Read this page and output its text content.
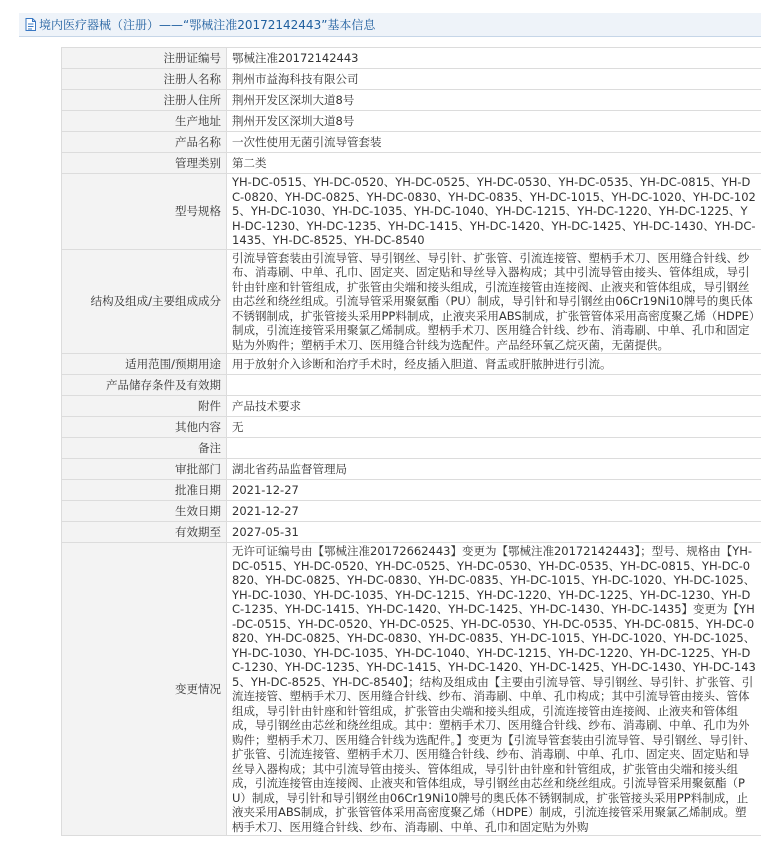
境内医疗器械（注册）——“鄂械注准20172142443”基本信息
注册证编号	鄂械注准20172142443
注册人名称	荆州市益海科技有限公司
注册人住所	荆州开发区深圳大道8号
生产地址	荆州开发区深圳大道8号
产品名称	一次性使用无菌引流导管套装
管理类别	第二类
型号规格	YH-DC-0515、YH-DC-0520、YH-DC-0525、YH-DC-0530、YH-DC-0535、YH-DC-0815、YH-DC-0820、YH-DC-0825、YH-DC-0830、YH-DC-0835、YH-DC-1015、YH-DC-1020、YH-DC-1025、YH-DC-1030、YH-DC-1035、YH-DC-1040、YH-DC-1215、YH-DC-1220、YH-DC-1225、YH-DC-1230、YH-DC-1235、YH-DC-1415、YH-DC-1420、YH-DC-1425、YH-DC-1430、YH-DC-1435、YH-DC-8525、YH-DC-8540
结构及组成/主要组成成分	引流导管套装由引流导管、导引钢丝、导引针、扩张管、引流连接管、塑柄手术刀、医用缝合针线、纱布、消毒刷、中单、孔巾、固定夹、固定贴和导丝导入器构成；其中引流导管由接头、管体组成，导引针由针座和针管组成，扩张管由尖端和接头组成，引流连接管由连接阀、止液夹和管体组成，导引钢丝由芯丝和绕丝组成。引流导管采用聚氨酯（PU）制成，导引针和导引钢丝由06Cr19Ni10牌号的奥氏体不锈钢制成，扩张管接头采用PP料制成，止液夹采用ABS制成，扩张管管体采用高密度聚乙烯（HDPE）制成，引流连接管采用聚氯乙烯制成。塑柄手术刀、医用缝合针线、纱布、消毒刷、中单、孔巾和固定贴为外购件；塑柄手术刀、医用缝合针线为选配件。产品经环氧乙烷灭菌，无菌提供。
适用范围/预期用途	用于放射介入诊断和治疗手术时，经皮插入胆道、肾盂或肝脓肿进行引流。
产品储存条件及有效期	
附件	产品技术要求
其他内容	无
备注	
审批部门	湖北省药品监督管理局
批准日期	2021-12-27
生效日期	2021-12-27
有效期至	2027-05-31
变更情况	无许可证编号由【鄂械注准20172662443】变更为【鄂械注准20172142443】；型号、规格由【YH-DC-0515、YH-DC-0520、YH-DC-0525、YH-DC-0530、YH-DC-0535、YH-DC-0815、YH-DC-0820、YH-DC-0825、YH-DC-0830、YH-DC-0835、YH-DC-1015、YH-DC-1020、YH-DC-1025、YH-DC-1030、YH-DC-1035、YH-DC-1215、YH-DC-1220、YH-DC-1225、YH-DC-1230、YH-DC-1235、YH-DC-1415、YH-DC-1420、YH-DC-1425、YH-DC-1430、YH-DC-1435】变更为【YH-DC-0515、YH-DC-0520、YH-DC-0525、YH-DC-0530、YH-DC-0535、YH-DC-0815、YH-DC-0820、YH-DC-0825、YH-DC-0830、YH-DC-0835、YH-DC-1015、YH-DC-1020、YH-DC-1025、YH-DC-1030、YH-DC-1035、YH-DC-1040、YH-DC-1215、YH-DC-1220、YH-DC-1225、YH-DC-1230、YH-DC-1235、YH-DC-1415、YH-DC-1420、YH-DC-1425、YH-DC-1430、YH-DC-1435、YH-DC-8525、YH-DC-8540】；结构及组成由【主要由引流导管、导引钢丝、导引针、扩张管、引流连接管、塑柄手术刀、医用缝合针线、纱布、消毒刷、中单、孔巾构成；其中引流导管由接头、管体组成，导引针由针座和针管组成，扩张管由尖端和接头组成，引流连接管由连接阀、止液夹和管体组成，导引钢丝由芯丝和绕丝组成。其中：塑柄手术刀、医用缝合针线、纱布、消毒刷、中单、孔巾为外购件；塑柄手术刀、医用缝合针线为选配件。】变更为【引流导管套装由引流导管、导引钢丝、导引针、扩张管、引流连接管、塑柄手术刀、医用缝合针线、纱布、消毒刷、中单、孔巾、固定夹、固定贴和导丝导入器构成；其中引流导管由接头、管体组成，导引针由针座和针管组成，扩张管由尖端和接头组成，引流连接管由连接阀、止液夹和管体组成，导引钢丝由芯丝和绕丝组成。引流导管采用聚氨酯（PU）制成，导引针和导引钢丝由06Cr19Ni10牌号的奥氏体不锈钢制成，扩张管接头采用PP料制成，止液夹采用ABS制成，扩张管管体采用高密度聚乙烯（HDPE）制成，引流连接管采用聚氯乙烯制成。塑柄手术刀、医用缝合针线、纱布、消毒刷、中单、孔巾和固定贴为外购
